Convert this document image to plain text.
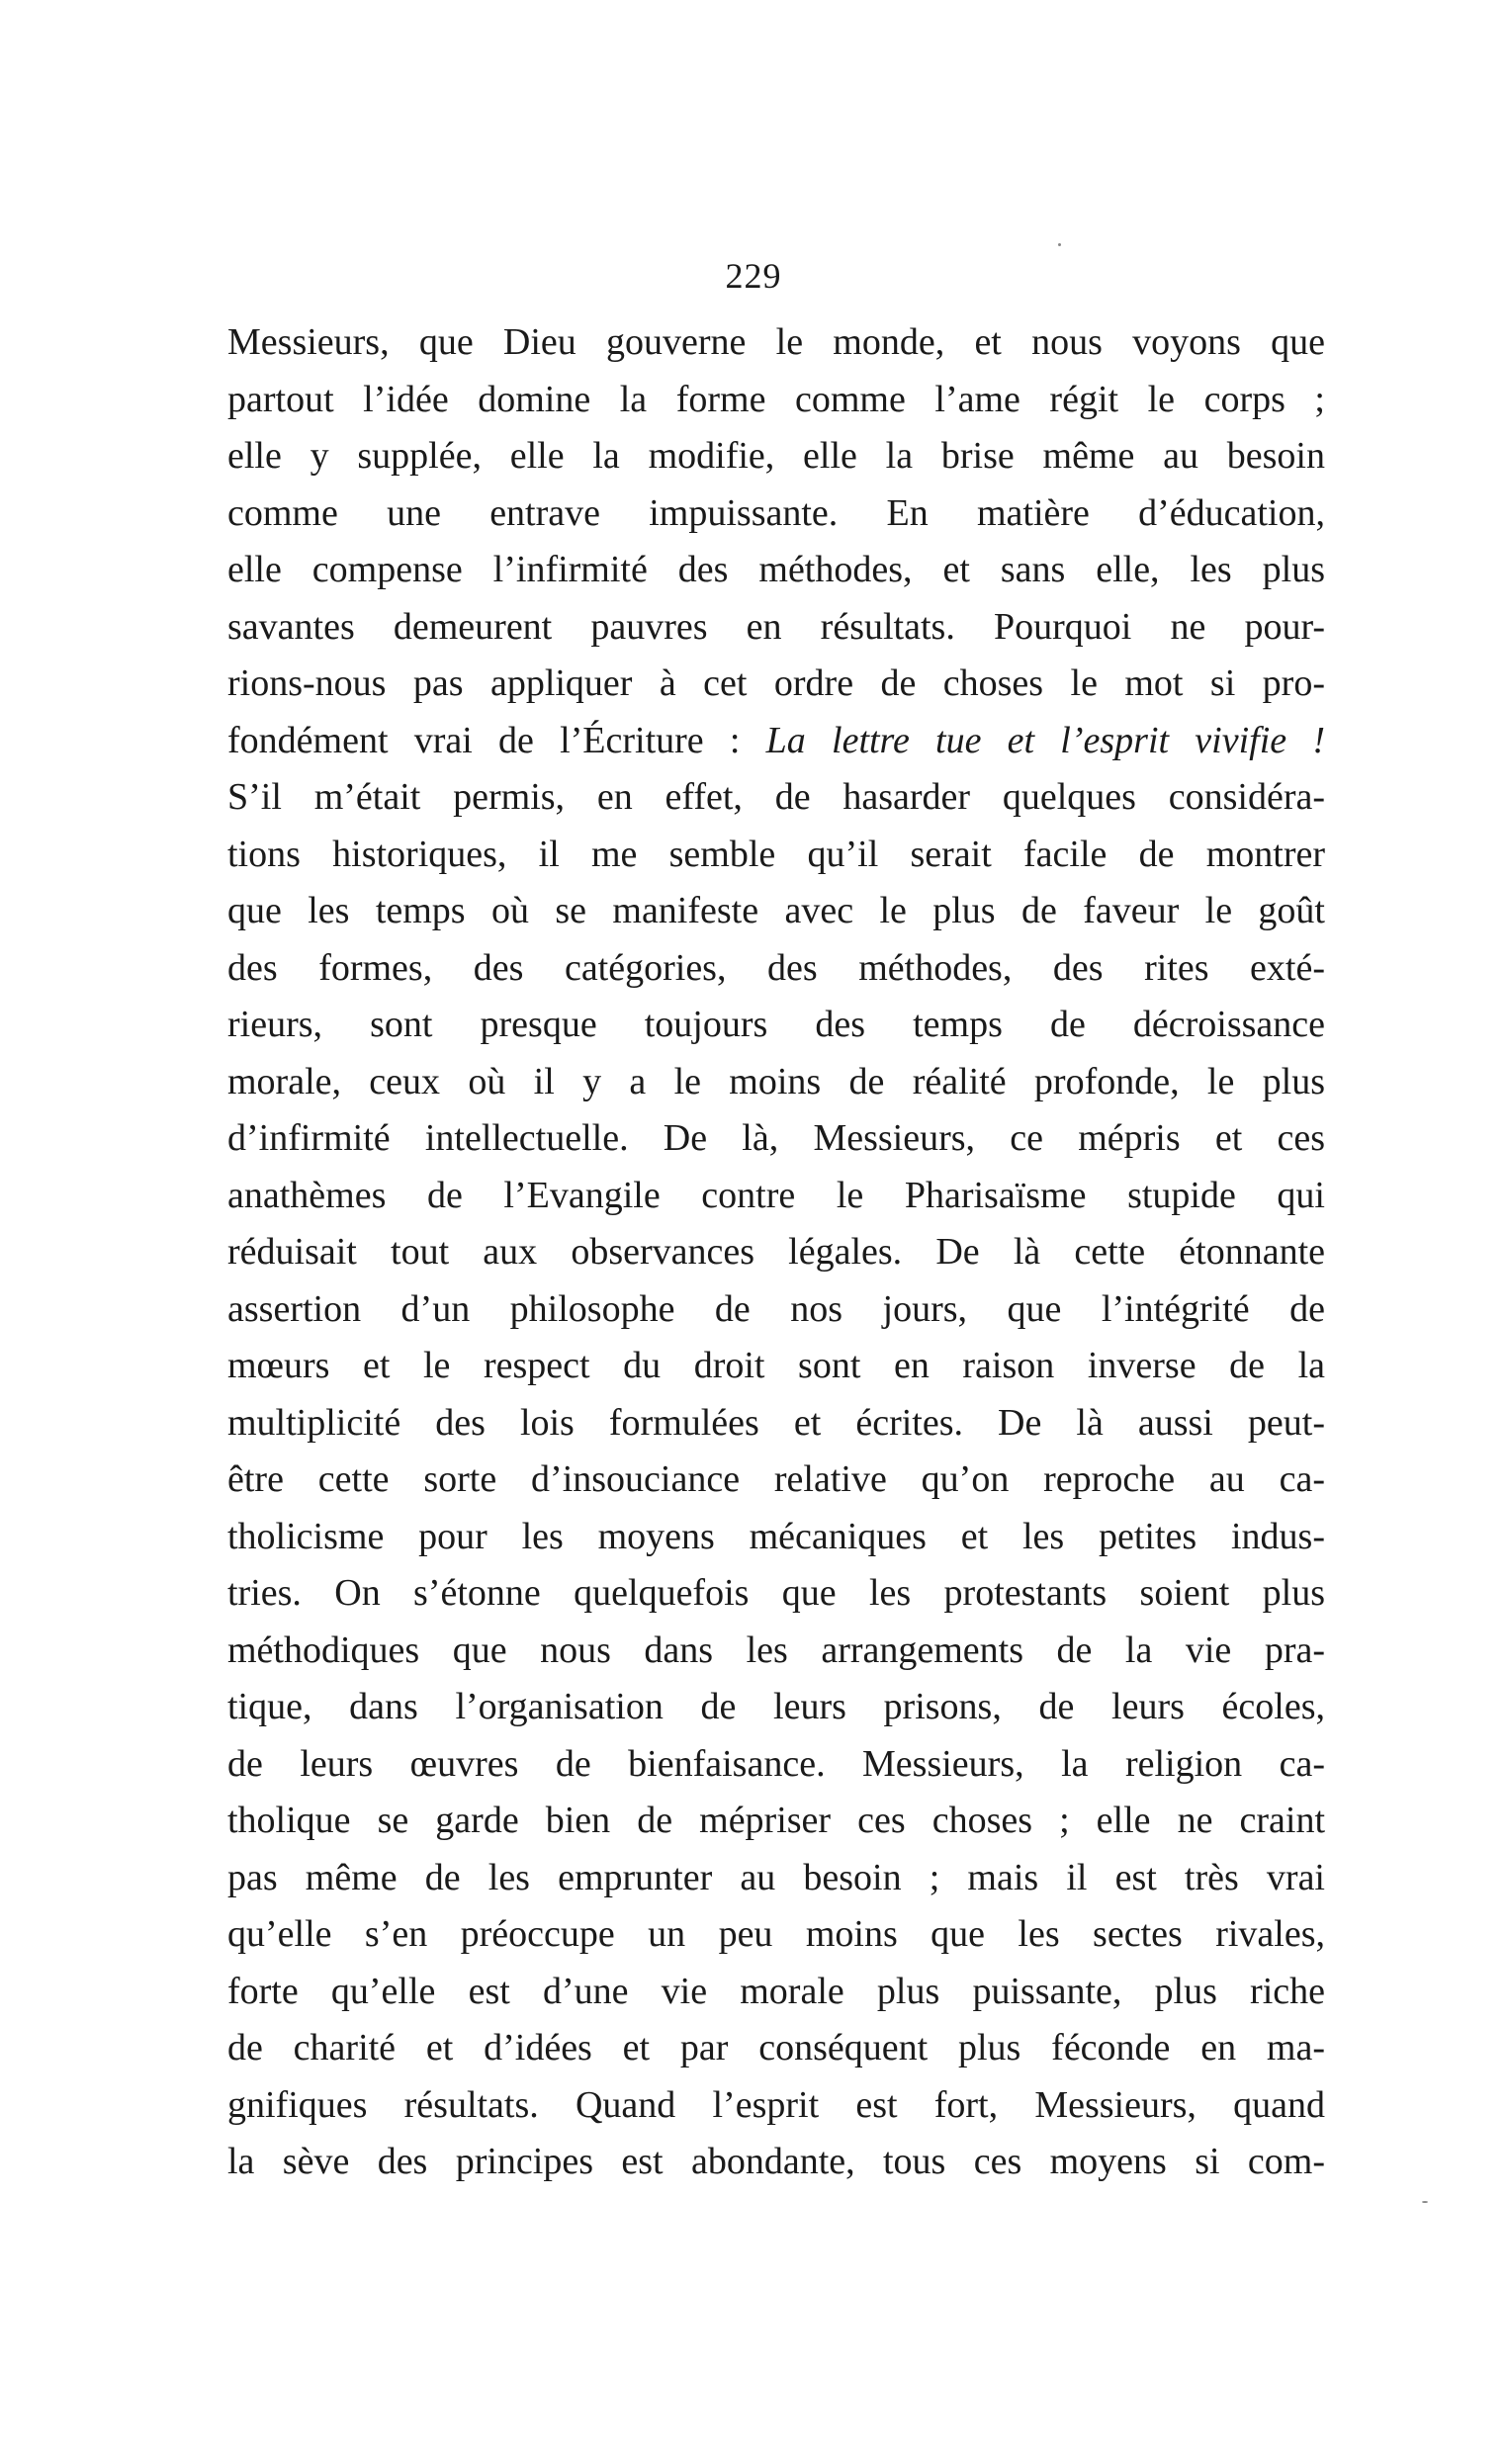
229
Messieurs, que Dieu gouverne le monde, et nous voyons que
partout l’idée domine la forme comme l’ame régit le corps ;
elle y supplée, elle la modifie, elle la brise même au besoin
comme une entrave impuissante. En matière d’éducation,
elle compense l’infirmité des méthodes, et sans elle, les plus
savantes demeurent pauvres en résultats. Pourquoi ne pour-
rions-nous pas appliquer à cet ordre de choses le mot si pro-
fondément vrai de l’Écriture : La lettre tue et l’esprit vivifie !
S’il m’était permis, en effet, de hasarder quelques considéra-
tions historiques, il me semble qu’il serait facile de montrer
que les temps où se manifeste avec le plus de faveur le goût
des formes, des catégories, des méthodes, des rites exté-
rieurs, sont presque toujours des temps de décroissance
morale, ceux où il y a le moins de réalité profonde, le plus
d’infirmité intellectuelle. De là, Messieurs, ce mépris et ces
anathèmes de l’Evangile contre le Pharisaïsme stupide qui
réduisait tout aux observances légales. De là cette étonnante
assertion d’un philosophe de nos jours, que l’intégrité de
mœurs et le respect du droit sont en raison inverse de la
multiplicité des lois formulées et écrites. De là aussi peut-
être cette sorte d’insouciance relative qu’on reproche au ca-
tholicisme pour les moyens mécaniques et les petites indus-
tries. On s’étonne quelquefois que les protestants soient plus
méthodiques que nous dans les arrangements de la vie pra-
tique, dans l’organisation de leurs prisons, de leurs écoles,
de leurs œuvres de bienfaisance. Messieurs, la religion ca-
tholique se garde bien de mépriser ces choses ; elle ne craint
pas même de les emprunter au besoin ; mais il est très vrai
qu’elle s’en préoccupe un peu moins que les sectes rivales,
forte qu’elle est d’une vie morale plus puissante, plus riche
de charité et d’idées et par conséquent plus féconde en ma-
gnifiques résultats. Quand l’esprit est fort, Messieurs, quand
la sève des principes est abondante, tous ces moyens si com-
